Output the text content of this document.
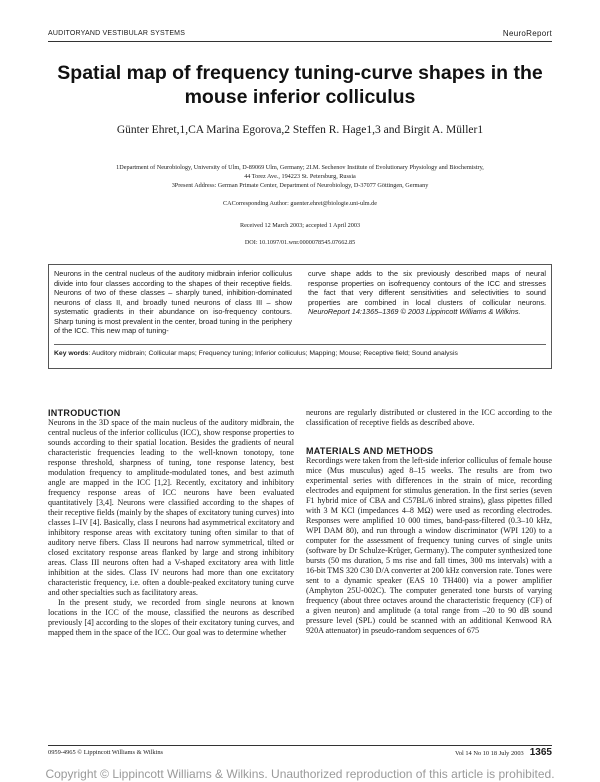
AUDITORYAND VESTIBULAR SYSTEMS	NeuroReport
Spatial map of frequency tuning-curve shapes in the mouse inferior colliculus
Günter Ehret,1,CA Marina Egorova,2 Steffen R. Hage1,3 and Birgit A. Müller1
1Department of Neurobiology, University of Ulm, D-89069 Ulm, Germany; 2I.M. Sechenov Institute of Evolutionary Physiology and Biochemistry,
44 Torez Ave., 194223 St. Petersburg, Russia
3Present Address: German Primate Center, Department of Neurobiology, D-37077 Göttingen, Germany
CACorresponding Author: guenter.ehret@biologie.uni-ulm.de
Received 12 March 2003; accepted 1 April 2003
DOI: 10.1097/01.wnr.0000078545.07662.85
Neurons in the central nucleus of the auditory midbrain inferior colliculus divide into four classes according to the shapes of their receptive fields. Neurons of two of these classes – sharply tuned, inhibition-dominated neurons of class II, and broadly tuned neurons of class III – show systematic gradients in their abundance on iso-frequency contours. Sharp tuning is most prevalent in the center, broad tuning in the periphery of the ICC. This new map of tuning-
curve shape adds to the six previously described maps of neural response properties on isofrequency contours of the ICC and stresses the fact that very different sensitivities and selectivities to sound properties are combined in local clusters of collicular neurons. NeuroReport 14:1365–1369 © 2003 Lippincott Williams & Wilkins.
Key words: Auditory midbrain; Collicular maps; Frequency tuning; Inferior colliculus; Mapping; Mouse; Receptive field; Sound analysis
INTRODUCTION
Neurons in the 3D space of the main nucleus of the auditory midbrain, the central nucleus of the inferior colliculus (ICC), show response properties to sounds according to their spatial location. Besides the gradients of neural characteristic frequencies leading to the well-known tonotopy, tone response threshold, sharpness of tuning, tone response latency, best modulation frequency to amplitude-modulated tones, and best azimuth angle are mapped in the ICC [1,2]. Recently, excitatory and inhibitory frequency response areas of ICC neurons have been evaluated quantitatively [3,4]. Neurons were classified according to the shapes of their receptive fields (mainly by the shapes of excitatory tuning curves) into classes I–IV [4]. Basically, class I neurons had asymmetrical excitatory and inhibitory response areas with excitatory tuning often similar to that of auditory nerve fibers. Class II neurons had narrow symmetrical, tilted or closed excitatory response areas flanked by large and strong inhibitory areas. Class III neurons often had a V-shaped excitatory area with little inhibition at the sides. Class IV neurons had more than one excitatory characteristic frequency, i.e. often a double-peaked excitatory tuning curve and other specialties such as facilitatory areas.
In the present study, we recorded from single neurons at known locations in the ICC of the mouse, classified the neurons as described previously [4] according to the slopes of their excitatory tuning curves, and mapped them in the space of the ICC. Our goal was to determine whether
neurons are regularly distributed or clustered in the ICC according to the classification of receptive fields as described above.
MATERIALS AND METHODS
Recordings were taken from the left-side inferior colliculus of female house mice (Mus musculus) aged 8–15 weeks. The results are from two experimental series with differences in the strain of mice, recording electrodes and equipment for stimulus generation. In the first series (seven F1 hybrid mice of CBA and C57BL/6 inbred strains), glass pipettes filled with 3 M KCl (impedances 4–8 MΩ) were used as recording electrodes. Responses were amplified 10 000 times, band-pass-filtered (0.3–10 kHz, WPI DAM 80), and run through a window discriminator (WPI 120) to a computer for the assessment of frequency tuning curves of single units (software by Dr Schulze-Krüger, Germany). The computer synthesized tone bursts (50 ms duration, 5 ms rise and fall times, 300 ms intervals) with a 16-bit TMS 320 C30 D/A converter at 200 kHz conversion rate. Tones were sent to a dynamic speaker (EAS 10 TH400) via a power amplifier (Amphyton 25U-002C). The computer generated tone bursts of varying frequency (about three octaves around the characteristic frequency (CF) of a given neuron) and amplitude (a total range from –20 to 90 dB sound pressure level (SPL) could be scanned with an additional Kenwood RA 920A attenuator) in pseudo-random sequences of 675
0959-4965 © Lippincott Williams & Wilkins	Vol 14 No 10 18 July 2003 1365
Copyright © Lippincott Williams & Wilkins. Unauthorized reproduction of this article is prohibited.
